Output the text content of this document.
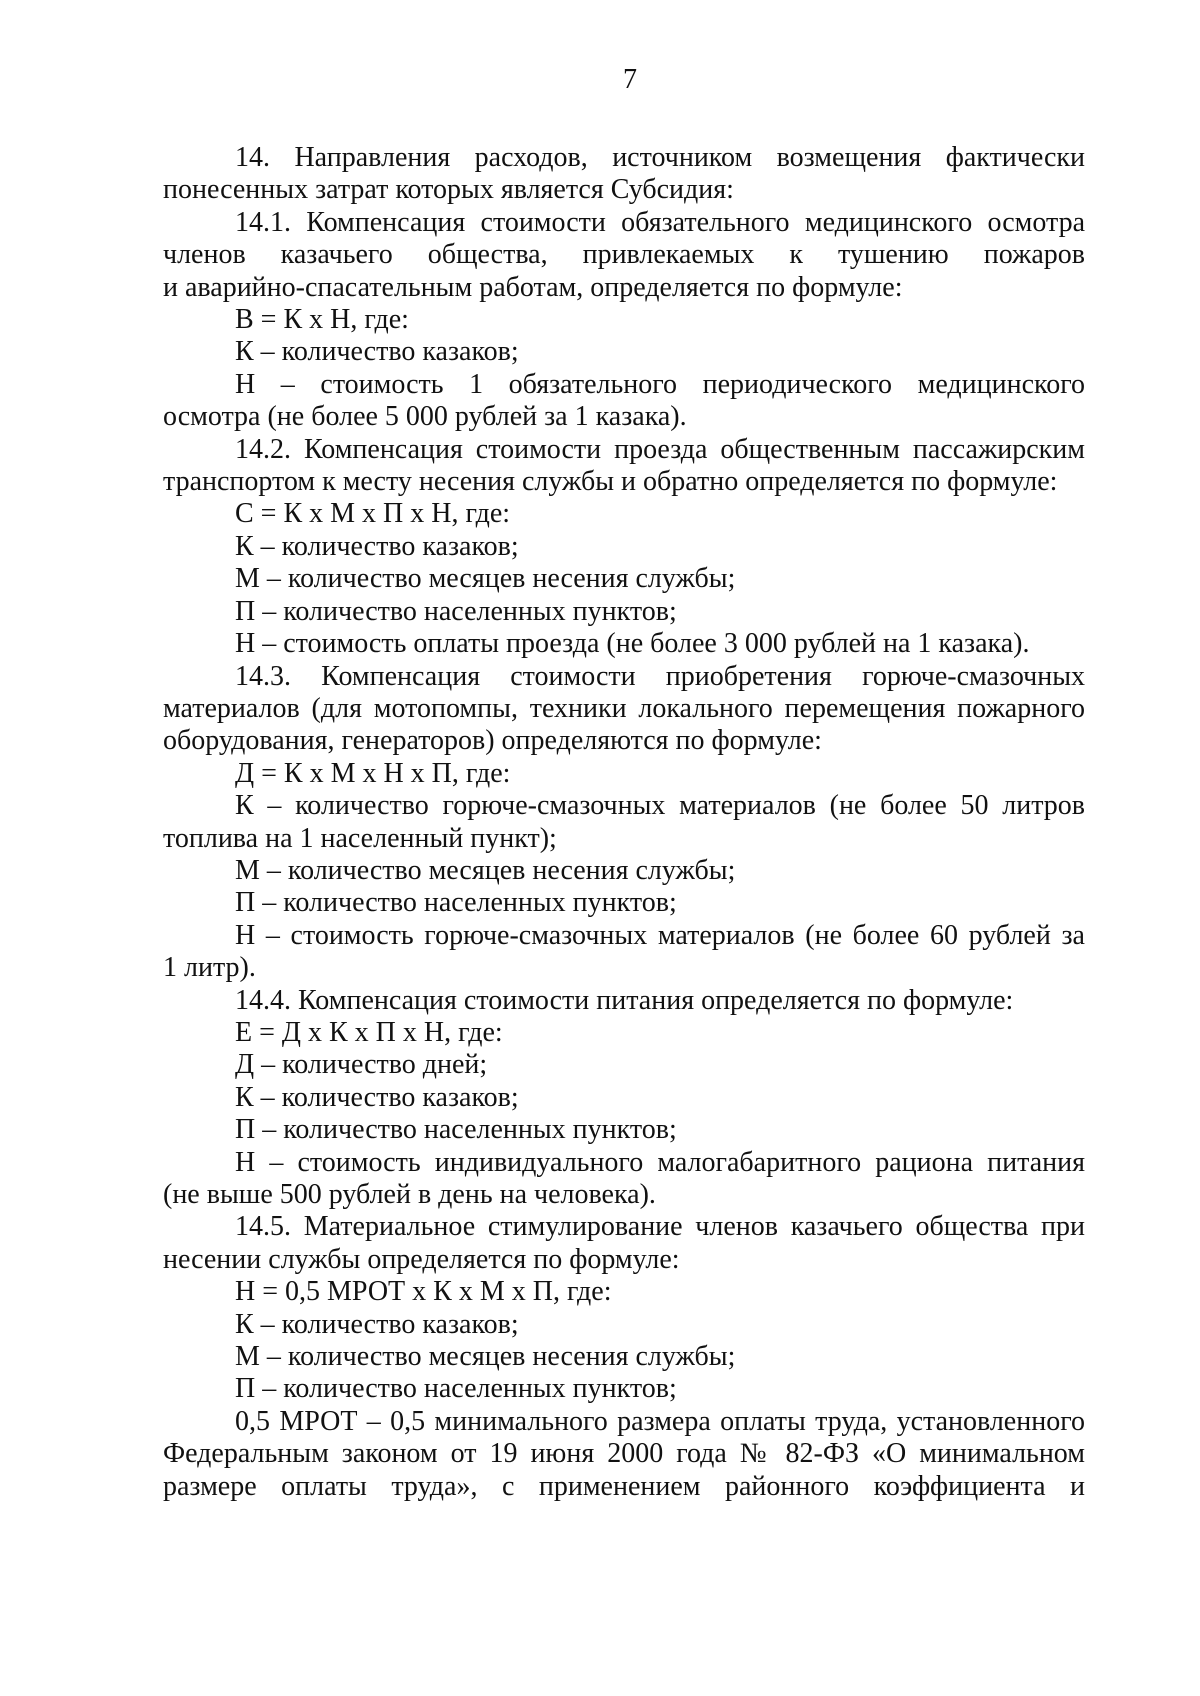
7

14. Направления расходов, источником возмещения фактически

понесенных затрат которых является Субсидия:

14.1. Компенсация стоимости обязательного медицинского осмотра

членов казачьего общества, привлекаемых к тушению пожаров

и аварийно-спасательным работам, определяется по формуле:

В = К х Н, где:

К – количество казаков;

Н – стоимость 1 обязательного периодического медицинского

осмотра (не более 5 000 рублей за 1 казака).

14.2. Компенсация стоимости проезда общественным пассажирским

транспортом к месту несения службы и обратно определяется по формуле:

С = К х М х П х Н, где:

К – количество казаков;

М – количество месяцев несения службы;

П – количество населенных пунктов;

Н – стоимость оплаты проезда (не более 3 000 рублей на 1 казака).

14.3. Компенсация стоимости приобретения горюче-смазочных

материалов (для мотопомпы, техники локального перемещения пожарного

оборудования, генераторов) определяются по формуле:

Д = К х М х Н х П, где:

К – количество горюче-смазочных материалов (не более 50 литров

топлива на 1 населенный пункт);

М – количество месяцев несения службы;

П – количество населенных пунктов;

Н – стоимость горюче-смазочных материалов (не более 60 рублей за

1 литр).

14.4. Компенсация стоимости питания определяется по формуле:

Е = Д х К х П х Н, где:

Д – количество дней;

К – количество казаков;

П – количество населенных пунктов;

Н – стоимость индивидуального малогабаритного рациона питания

(не выше 500 рублей в день на человека).

14.5. Материальное стимулирование членов казачьего общества при

несении службы определяется по формуле:

Н = 0,5 МРОТ х К х М х П, где:

К – количество казаков;

М – количество месяцев несения службы;

П – количество населенных пунктов;

0,5 МРОТ – 0,5 минимального размера оплаты труда, установленного

Федеральным законом от 19 июня 2000 года № 82-ФЗ «О минимальном

размере оплаты труда», с применением районного коэффициента и
